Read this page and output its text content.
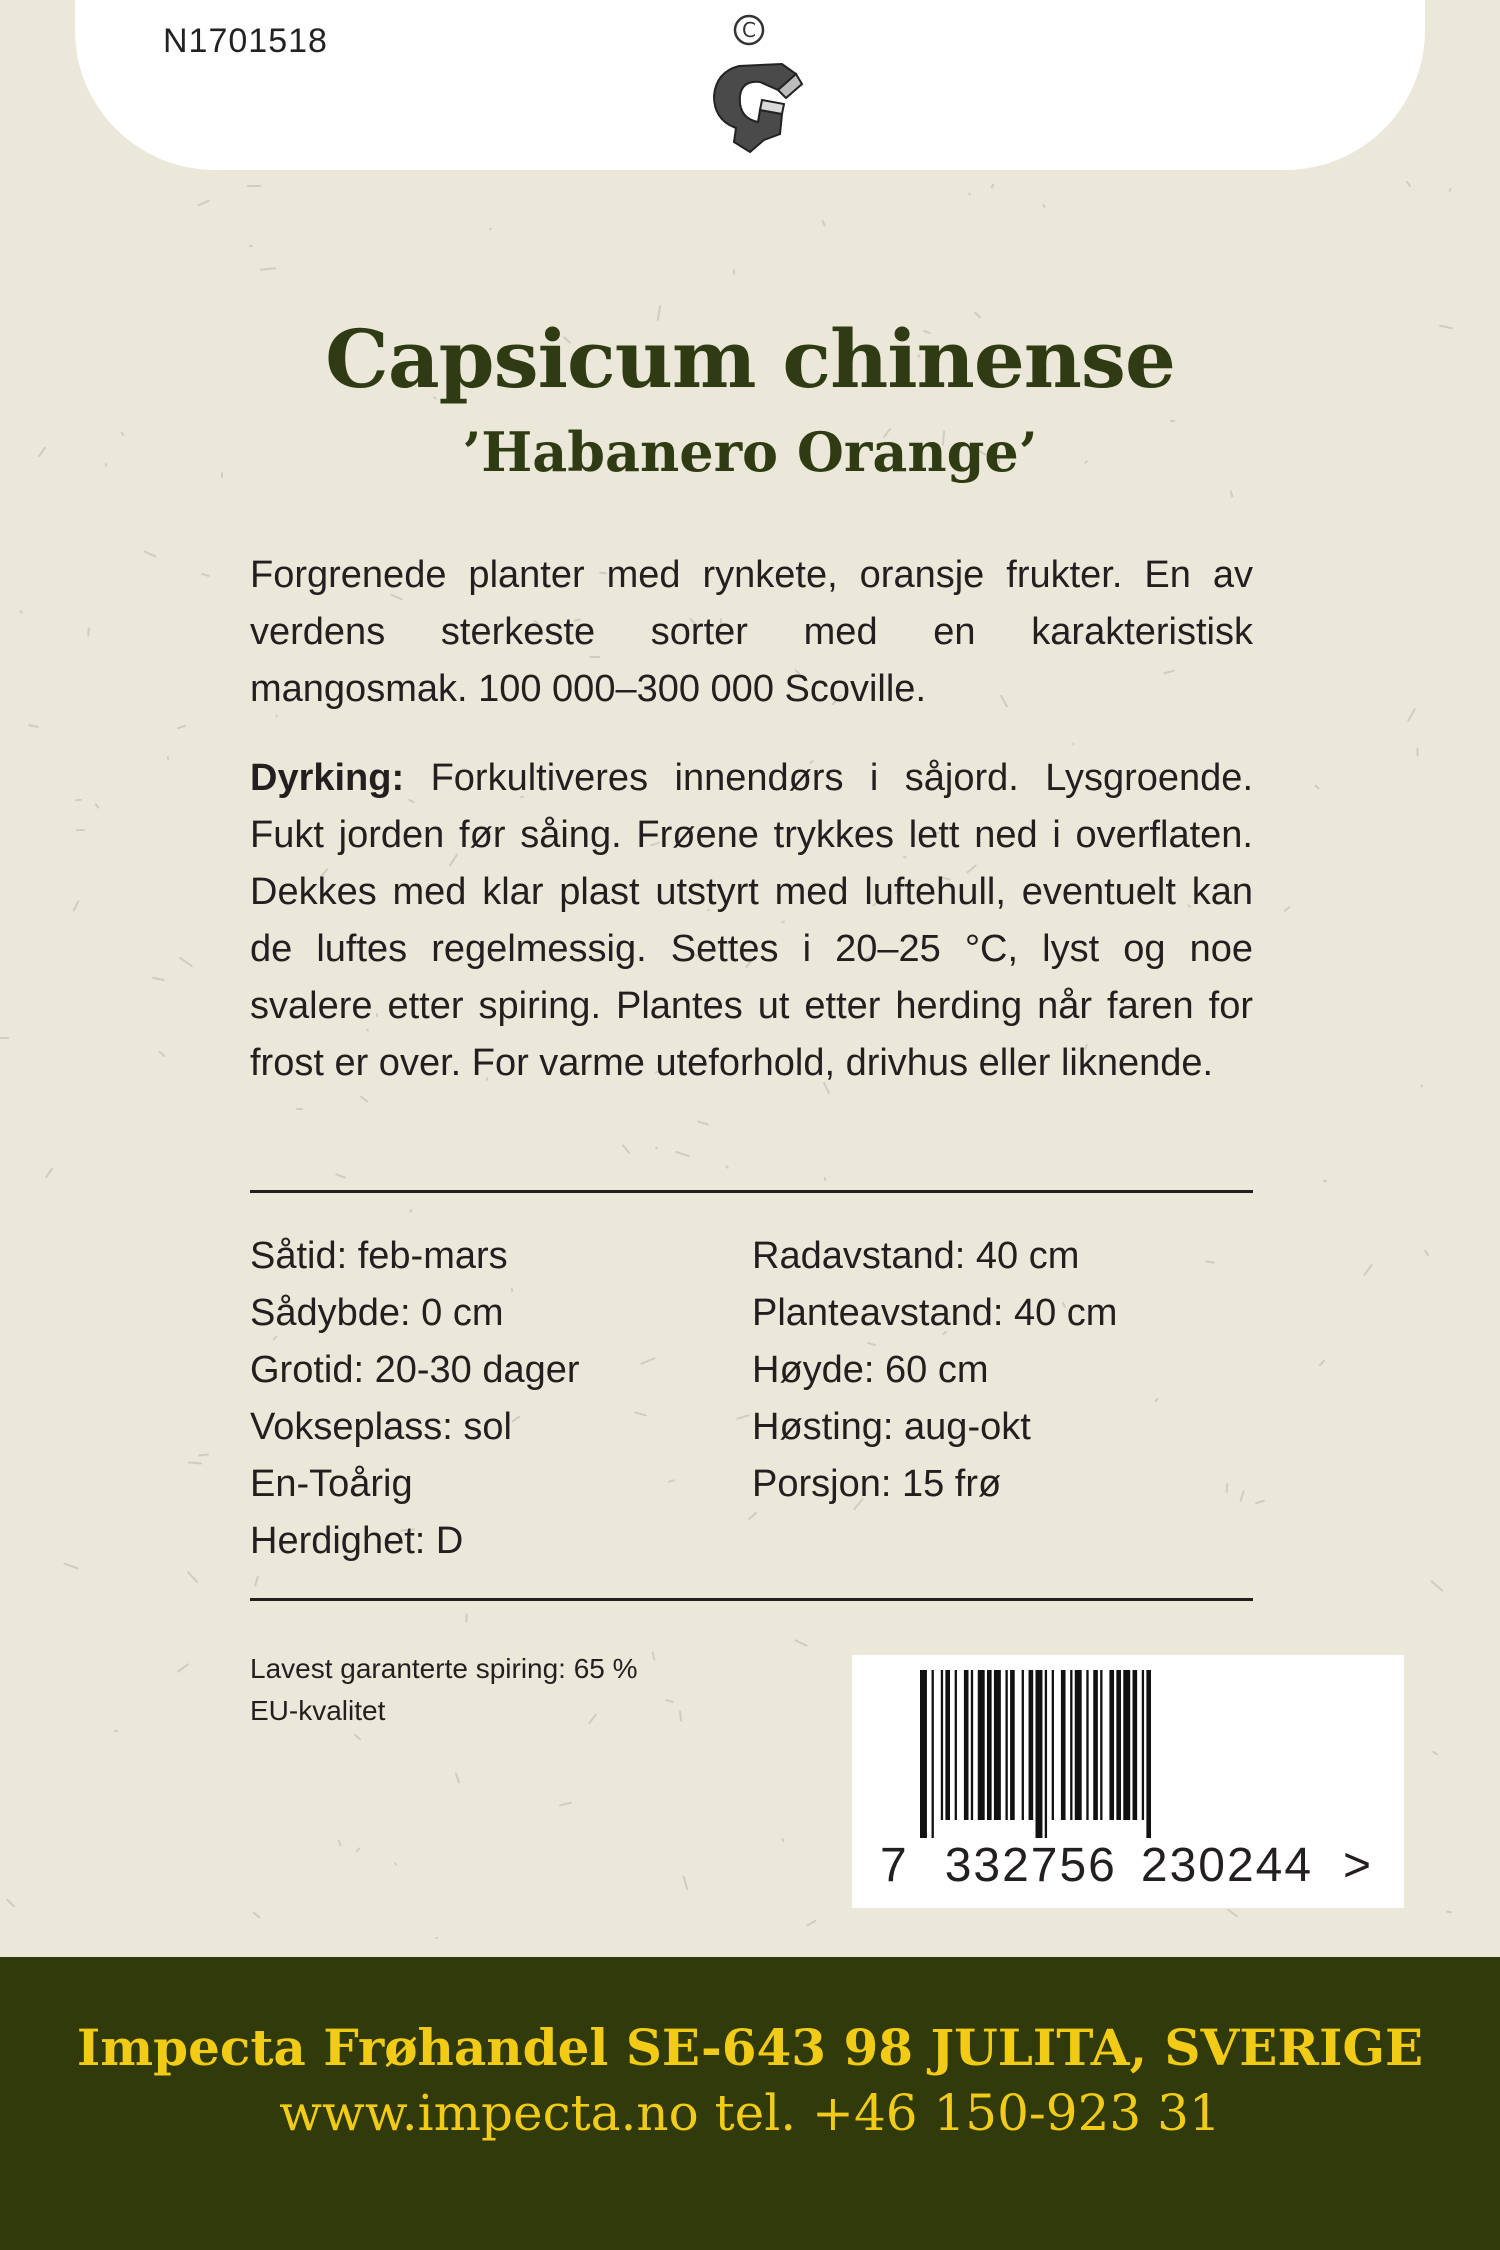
N1701518	C
Capsicum chinense
’Habanero Orange’
Forgrenede planter med rynkete, oransje frukter. En av verdens sterkeste sorter med en karakteristisk mangosmak. 100 000–300 000 Scoville.
Dyrking: Forkultiveres innendørs i såjord. Lysgroende. Fukt jorden før såing. Frøene trykkes lett ned i overflaten. Dekkes med klar plast utstyrt med luftehull, eventuelt kan de luftes regelmessig. Settes i 20–25 °C, lyst og noe svalere etter spiring. Plantes ut etter herding når faren for frost er over. For varme uteforhold, drivhus eller liknende.
Såtid: feb-mars
Sådybde: 0 cm
Grotid: 20-30 dager
Vokseplass: sol
En-Toårig
Herdighet: D
Radavstand: 40 cm
Planteavstand: 40 cm
Høyde: 60 cm
Høsting: aug-okt
Porsjon: 15 frø
Lavest garanterte spiring: 65 %
EU-kvalitet
7 332756 230244 >
Impecta Frøhandel SE-643 98 JULITA, SVERIGE
www.impecta.no tel. +46 150-923 31
